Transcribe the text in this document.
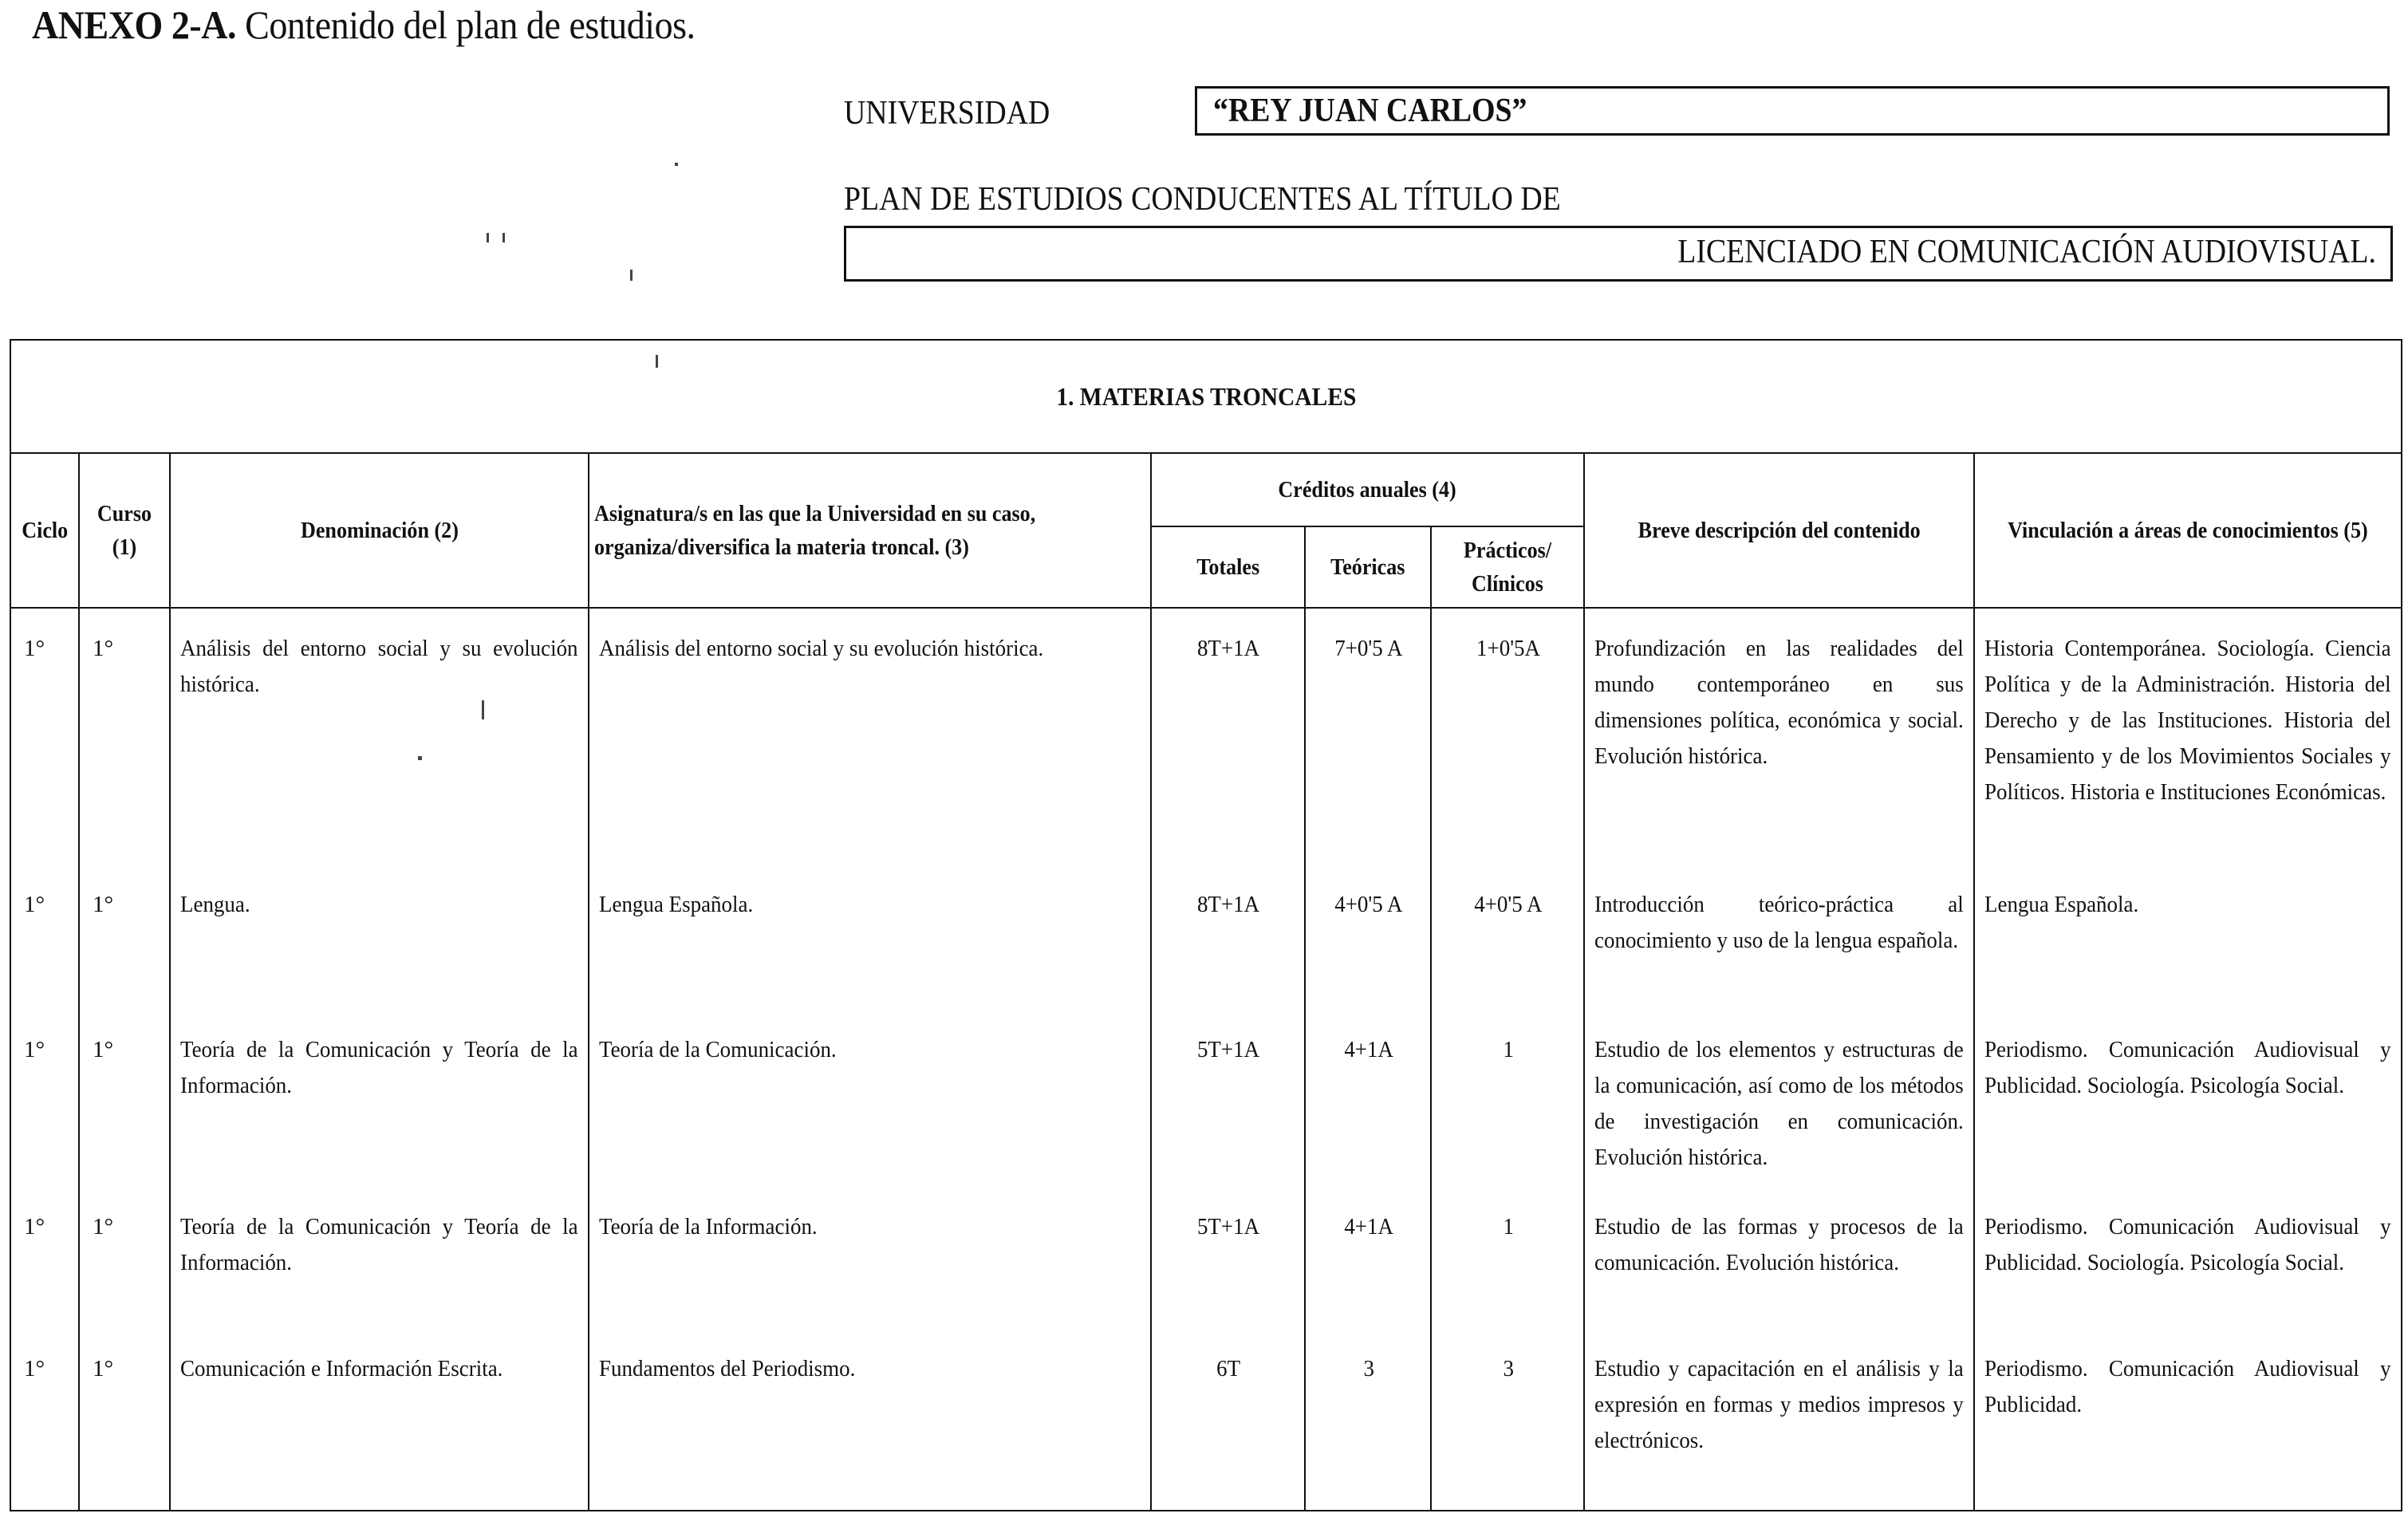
ANEXO 2-A. Contenido del plan de estudios.
UNIVERSIDAD	“REY JUAN CARLOS”
PLAN DE ESTUDIOS CONDUCENTES AL TÍTULO DE
LICENCIADO EN COMUNICACIÓN AUDIOVISUAL.
1. MATERIAS TRONCALES								
Ciclo	Curso (1)	Denominación (2)	Asignatura/s en las que la Universidad en su caso, organiza/diversifica la materia troncal. (3)	Créditos anuales (4)			Breve descripción del contenido	Vinculación a áreas de conocimientos (5)
				Totales	Teóricas	Prácticos/ Clínicos		
1°	1°	Análisis del entorno social y su evolución histórica.	Análisis del entorno social y su evolución histórica.	8T+1A	7+0'5 A	1+0'5A	Profundización en las realidades del mundo contemporáneo en sus dimensiones política, económica y social. Evolución histórica.	Historia Contemporánea. Sociología. Ciencia Política y de la Administración. Historia del Derecho y de las Instituciones. Historia del Pensamiento y de los Movimientos Sociales y Políticos. Historia e Instituciones Económicas.
1°	1°	Lengua.	Lengua Española.	8T+1A	4+0'5 A	4+0'5 A	Introducción teórico-práctica al conocimiento y uso de la lengua española.	Lengua Española.
1°	1°	Teoría de la Comunicación y Teoría de la Información.	Teoría de la Comunicación.	5T+1A	4+1A	1	Estudio de los elementos y estructuras de la comunicación, así como de los métodos de investigación en comunicación. Evolución histórica.	Periodismo. Comunicación Audiovisual y Publicidad. Sociología. Psicología Social.
1°	1°	Teoría de la Comunicación y Teoría de la Información.	Teoría de la Información.	5T+1A	4+1A	1	Estudio de las formas y procesos de la comunicación. Evolución histórica.	Periodismo. Comunicación Audiovisual y Publicidad. Sociología. Psicología Social.
1°	1°	Comunicación e Información Escrita.	Fundamentos del Periodismo.	6T	3	3	Estudio y capacitación en el análisis y la expresión en formas y medios impresos y electrónicos.	Periodismo. Comunicación Audiovisual y Publicidad.
